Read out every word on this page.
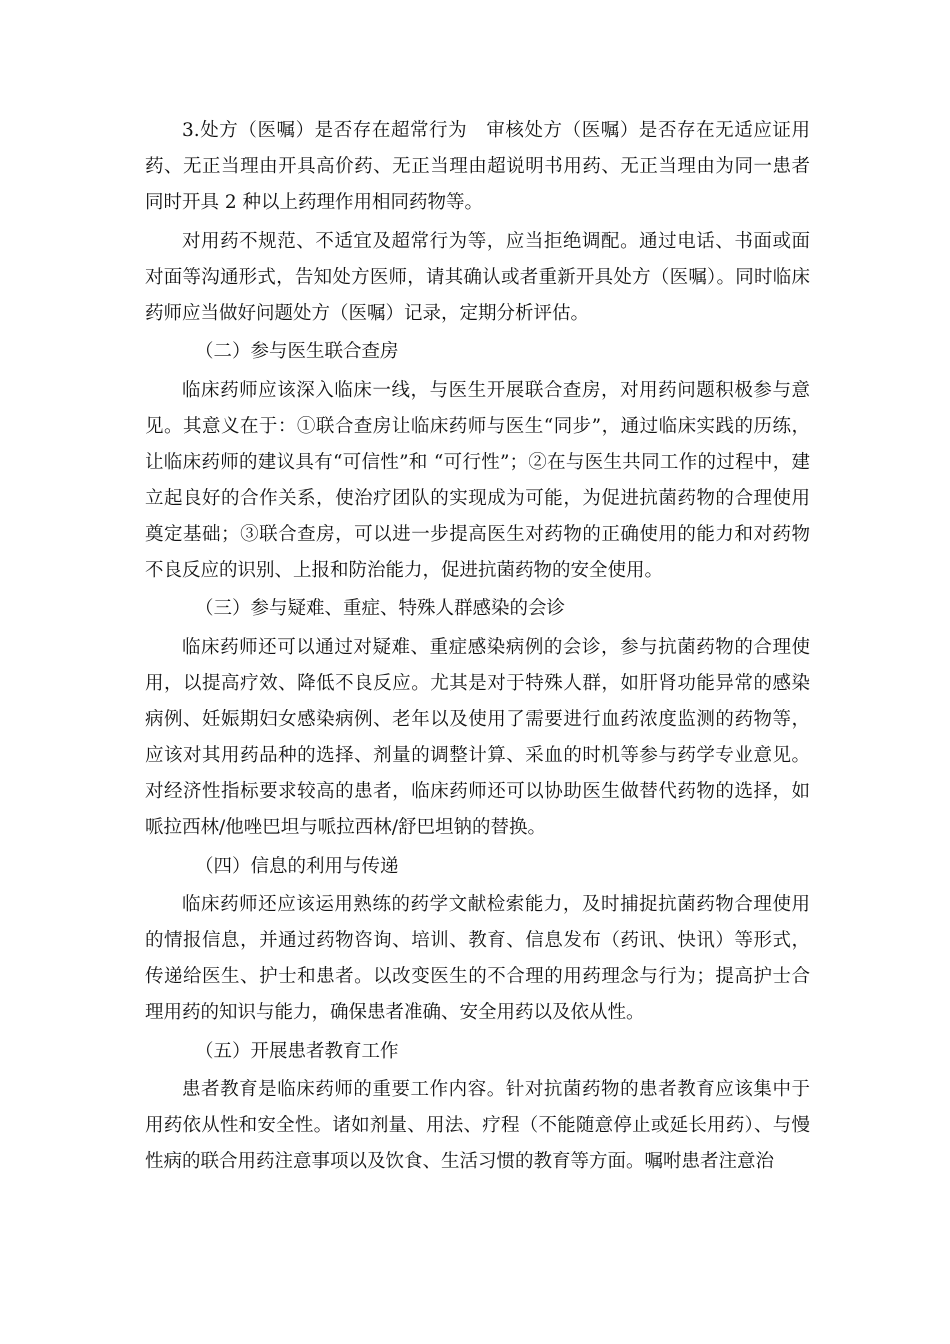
3.处方（医嘱）是否存在超常行为　审核处方（医嘱）是否存在无适应证用药、无正当理由开具高价药、无正当理由超说明书用药、无正当理由为同一患者同时开具 2 种以上药理作用相同药物等。

对用药不规范、不适宜及超常行为等，应当拒绝调配。通过电话、书面或面对面等沟通形式，告知处方医师，请其确认或者重新开具处方（医嘱）。同时临床药师应当做好问题处方（医嘱）记录，定期分析评估。

（二）参与医生联合查房

临床药师应该深入临床一线，与医生开展联合查房，对用药问题积极参与意见。其意义在于：①联合查房让临床药师与医生“同步”，通过临床实践的历练，让临床药师的建议具有“可信性”和 “可行性”；②在与医生共同工作的过程中，建立起良好的合作关系，使治疗团队的实现成为可能，为促进抗菌药物的合理使用奠定基础；③联合查房，可以进一步提高医生对药物的正确使用的能力和对药物不良反应的识别、上报和防治能力，促进抗菌药物的安全使用。

（三）参与疑难、重症、特殊人群感染的会诊

临床药师还可以通过对疑难、重症感染病例的会诊，参与抗菌药物的合理使用，以提高疗效、降低不良反应。尤其是对于特殊人群，如肝肾功能异常的感染病例、妊娠期妇女感染病例、老年以及使用了需要进行血药浓度监测的药物等，应该对其用药品种的选择、剂量的调整计算、采血的时机等参与药学专业意见。对经济性指标要求较高的患者，临床药师还可以协助医生做替代药物的选择，如哌拉西林/他唑巴坦与哌拉西林/舒巴坦钠的替换。

（四）信息的利用与传递

临床药师还应该运用熟练的药学文献检索能力，及时捕捉抗菌药物合理使用的情报信息，并通过药物咨询、培训、教育、信息发布（药讯、快讯）等形式，传递给医生、护士和患者。以改变医生的不合理的用药理念与行为；提高护士合理用药的知识与能力，确保患者准确、安全用药以及依从性。

（五）开展患者教育工作

患者教育是临床药师的重要工作内容。针对抗菌药物的患者教育应该集中于用药依从性和安全性。诸如剂量、用法、疗程（不能随意停止或延长用药）、与慢性病的联合用药注意事项以及饮食、生活习惯的教育等方面。嘱咐患者注意治
